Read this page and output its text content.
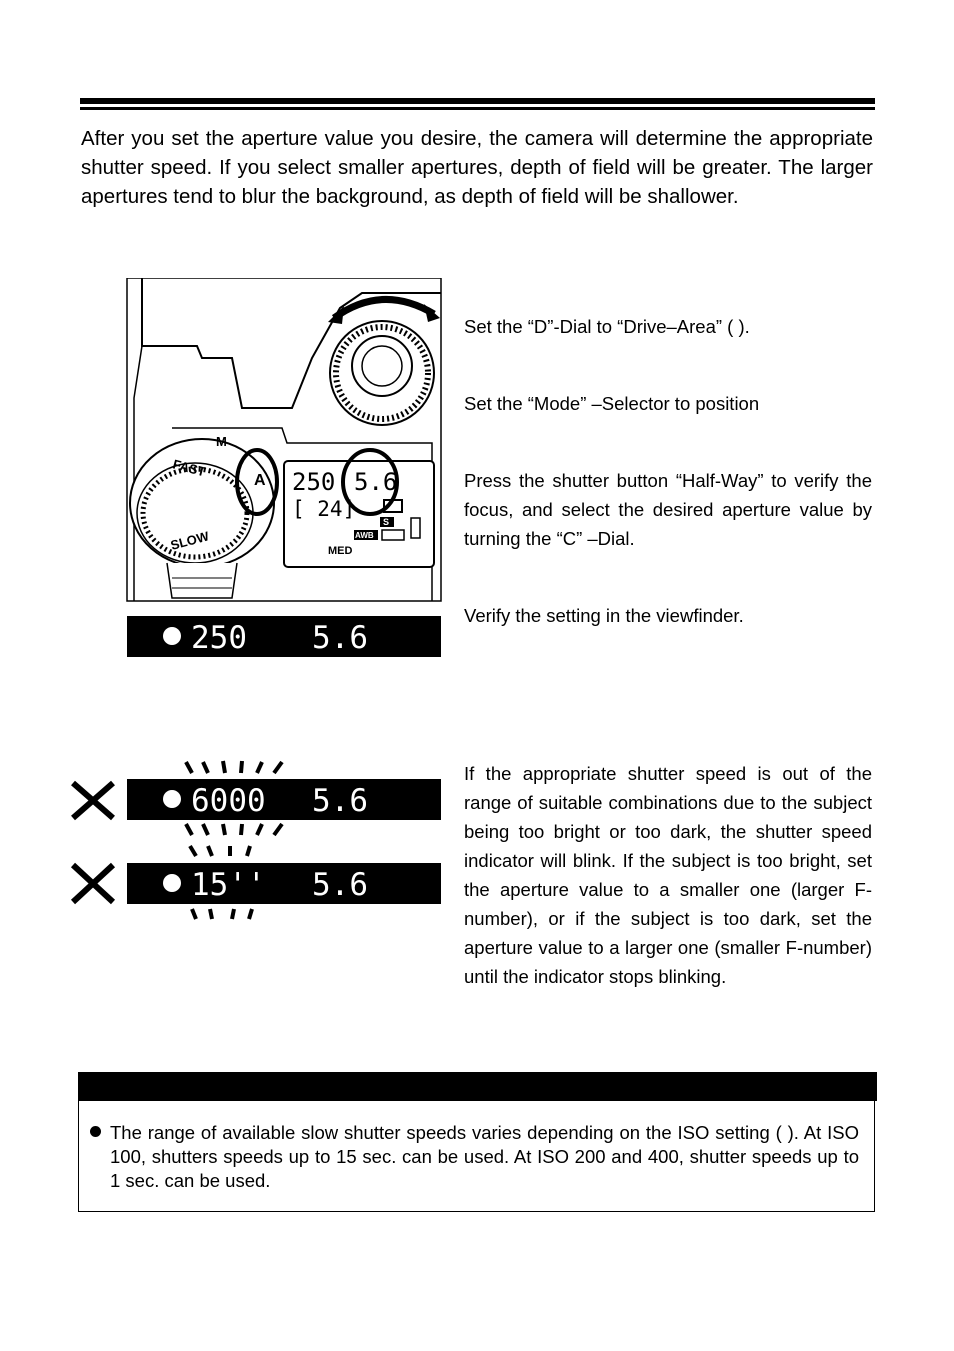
After you set the aperture value you desire, the camera will determine the appropriate shutter speed. If you select smaller apertures, depth of field will be greater. The larger apertures tend to blur the background, as depth of field will be shallower.
FAST
SLOW
M
A 250 5.6
[ 24]
S
AWB
MED
250 5.6
6000 5.6
15'' 5.6
Set the “D”-Dial to “Drive–Area” ( ).
Set the “Mode” –Selector to position
Press the shutter button “Half-Way” to verify the focus, and select the desired aperture value by turning the “C” –Dial.
Verify the setting in the viewfinder.
If the appropriate shutter speed is out of the range of suitable combinations due to the subject being too bright or too dark, the shutter speed indicator will blink. If the subject is too bright, set the aperture value to a smaller one (larger F-number), or if the subject is too dark, set the aperture value to a larger one (smaller F-number) until the indicator stops blinking.
The range of available slow shutter speeds varies depending on the ISO setting ( ). At ISO 100, shutters speeds up to 15 sec. can be used. At ISO 200 and 400, shutter speeds up to 1 sec. can be used.
